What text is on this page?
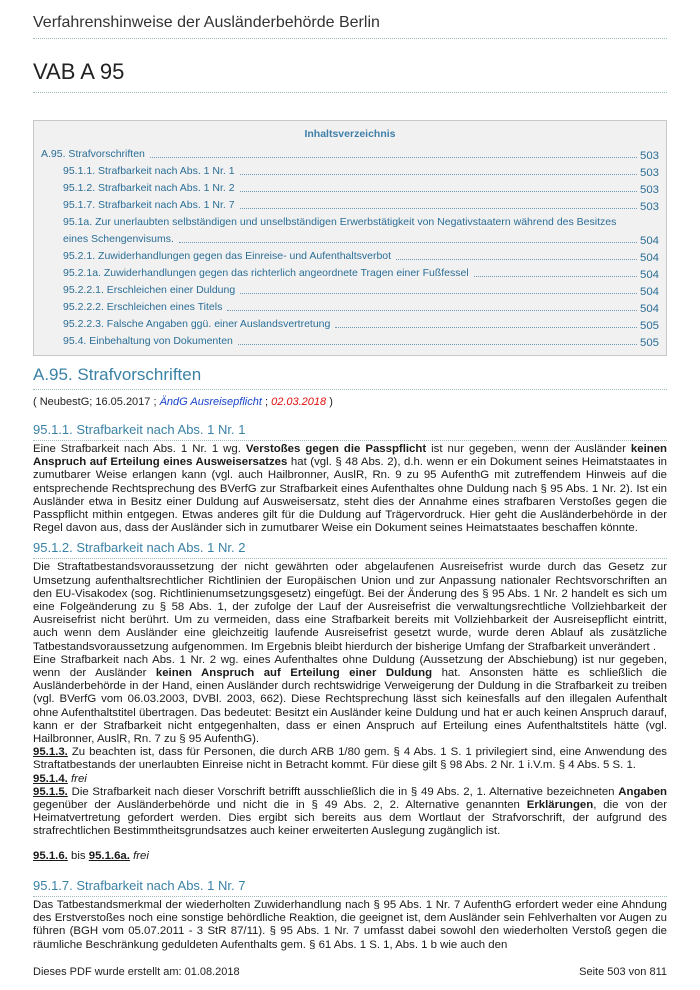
Verfahrenshinweise der Ausländerbehörde Berlin
VAB A 95
Inhaltsverzeichnis
A.95. Strafvorschriften	503
95.1.1. Strafbarkeit nach Abs. 1 Nr. 1	503
95.1.2. Strafbarkeit nach Abs. 1 Nr. 2	503
95.1.7. Strafbarkeit nach Abs. 1 Nr. 7	503
95.1a. Zur unerlaubten selbständigen und unselbständigen Erwerbstätigkeit von Negativstaatern während des Besitzes
eines Schengenvisums.	504
95.2.1. Zuwiderhandlungen gegen das Einreise- und Aufenthaltsverbot	504
95.2.1a. Zuwiderhandlungen gegen das richterlich angeordnete Tragen einer Fußfessel	504
95.2.2.1. Erschleichen einer Duldung	504
95.2.2.2. Erschleichen eines Titels	504
95.2.2.3. Falsche Angaben ggü. einer Auslandsvertretung	505
95.4. Einbehaltung von Dokumenten	505
A.95. Strafvorschriften
( NeubestG; 16.05.2017 ; ÄndG Ausreisepflicht ; 02.03.2018 )
95.1.1. Strafbarkeit nach Abs. 1 Nr. 1

Eine Strafbarkeit nach Abs. 1 Nr. 1 wg. Verstoßes gegen die Passpflicht ist nur gegeben, wenn der Ausländer keinen Anspruch auf Erteilung eines Ausweisersatzes hat (vgl. § 48 Abs. 2), d.h. wenn er ein Dokument seines Heimatstaates in zumutbarer Weise erlangen kann (vgl. auch Hailbronner, AuslR, Rn. 9 zu 95 AufenthG mit zutreffendem Hinweis auf die entsprechende Rechtsprechung des BVerfG zur Strafbarkeit eines Aufenthaltes ohne Duldung nach § 95 Abs. 1 Nr. 2). Ist ein Ausländer etwa in Besitz einer Duldung auf Ausweisersatz, steht dies der Annahme eines strafbaren Verstoßes gegen die Passpflicht mithin entgegen. Etwas anderes gilt für die Duldung auf Trägervordruck. Hier geht die Ausländerbehörde in der Regel davon aus, dass der Ausländer sich in zumutbarer Weise ein Dokument seines Heimatstaates beschaffen könnte.

95.1.2. Strafbarkeit nach Abs. 1 Nr. 2

Die Straftatbestandsvoraussetzung der nicht gewährten oder abgelaufenen Ausreisefrist wurde durch das Gesetz zur Umsetzung aufenthaltsrechtlicher Richtlinien der Europäischen Union und zur Anpassung nationaler Rechtsvorschriften an den EU-Visakodex (sog. Richtlinienumsetzungsgesetz) eingefügt. Bei der Änderung des § 95 Abs. 1 Nr. 2 handelt es sich um eine Folgeänderung zu § 58 Abs. 1, der zufolge der Lauf der Ausreisefrist die verwaltungsrechtliche Vollziehbarkeit der Ausreisefrist nicht berührt. Um zu vermeiden, dass eine Strafbarkeit bereits mit Vollziehbarkeit der Ausreisepflicht eintritt, auch wenn dem Ausländer eine gleichzeitig laufende Ausreisefrist gesetzt wurde, wurde deren Ablauf als zusätzliche Tatbestandsvoraussetzung aufgenommen. Im Ergebnis bleibt hierdurch der bisherige Umfang der Strafbarkeit unverändert .

Eine Strafbarkeit nach Abs. 1 Nr. 2 wg. eines Aufenthaltes ohne Duldung (Aussetzung der Abschiebung) ist nur gegeben, wenn der Ausländer keinen Anspruch auf Erteilung einer Duldung hat. Ansonsten hätte es schließlich die Ausländerbehörde in der Hand, einen Ausländer durch rechtswidrige Verweigerung der Duldung in die Strafbarkeit zu treiben (vgl. BVerfG vom 06.03.2003, DVBl. 2003, 662). Diese Rechtsprechung lässt sich keinesfalls auf den illegalen Aufenthalt ohne Aufenthaltstitel übertragen. Das bedeutet: Besitzt ein Ausländer keine Duldung und hat er auch keinen Anspruch darauf, kann er der Strafbarkeit nicht entgegenhalten, dass er einen Anspruch auf Erteilung eines Aufenthaltstitels hätte (vgl. Hailbronner, AuslR, Rn. 7 zu § 95 AufenthG).

95.1.3. Zu beachten ist, dass für Personen, die durch ARB 1/80 gem. § 4 Abs. 1 S. 1 privilegiert sind, eine Anwendung des Straftatbestands der unerlaubten Einreise nicht in Betracht kommt. Für diese gilt § 98 Abs. 2 Nr. 1 i.V.m. § 4 Abs. 5 S. 1.

95.1.4. frei

95.1.5. Die Strafbarkeit nach dieser Vorschrift betrifft ausschließlich die in § 49 Abs. 2, 1. Alternative bezeichneten Angaben gegenüber der Ausländerbehörde und nicht die in § 49 Abs. 2, 2. Alternative genannten Erklärungen, die von der Heimatvertretung gefordert werden. Dies ergibt sich bereits aus dem Wortlaut der Strafvorschrift, der aufgrund des strafrechtlichen Bestimmtheitsgrundsatzes auch keiner erweiterten Auslegung zugänglich ist.

95.1.6. bis 95.1.6a. frei

95.1.7. Strafbarkeit nach Abs. 1 Nr. 7

Das Tatbestandsmerkmal der wiederholten Zuwiderhandlung nach § 95 Abs. 1 Nr. 7 AufenthG erfordert weder eine Ahndung des Erstverstoßes noch eine sonstige behördliche Reaktion, die geeignet ist, dem Ausländer sein Fehlverhalten vor Augen zu führen (BGH vom 05.07.2011 - 3 StR 87/11). § 95 Abs. 1 Nr. 7 umfasst dabei sowohl den wiederholten Verstoß gegen die räumliche Beschränkung geduldeten Aufenthalts gem. § 61 Abs. 1 S. 1, Abs. 1 b wie auch den

Dieses PDF wurde erstellt am: 01.08.2018	Seite 503 von 811
